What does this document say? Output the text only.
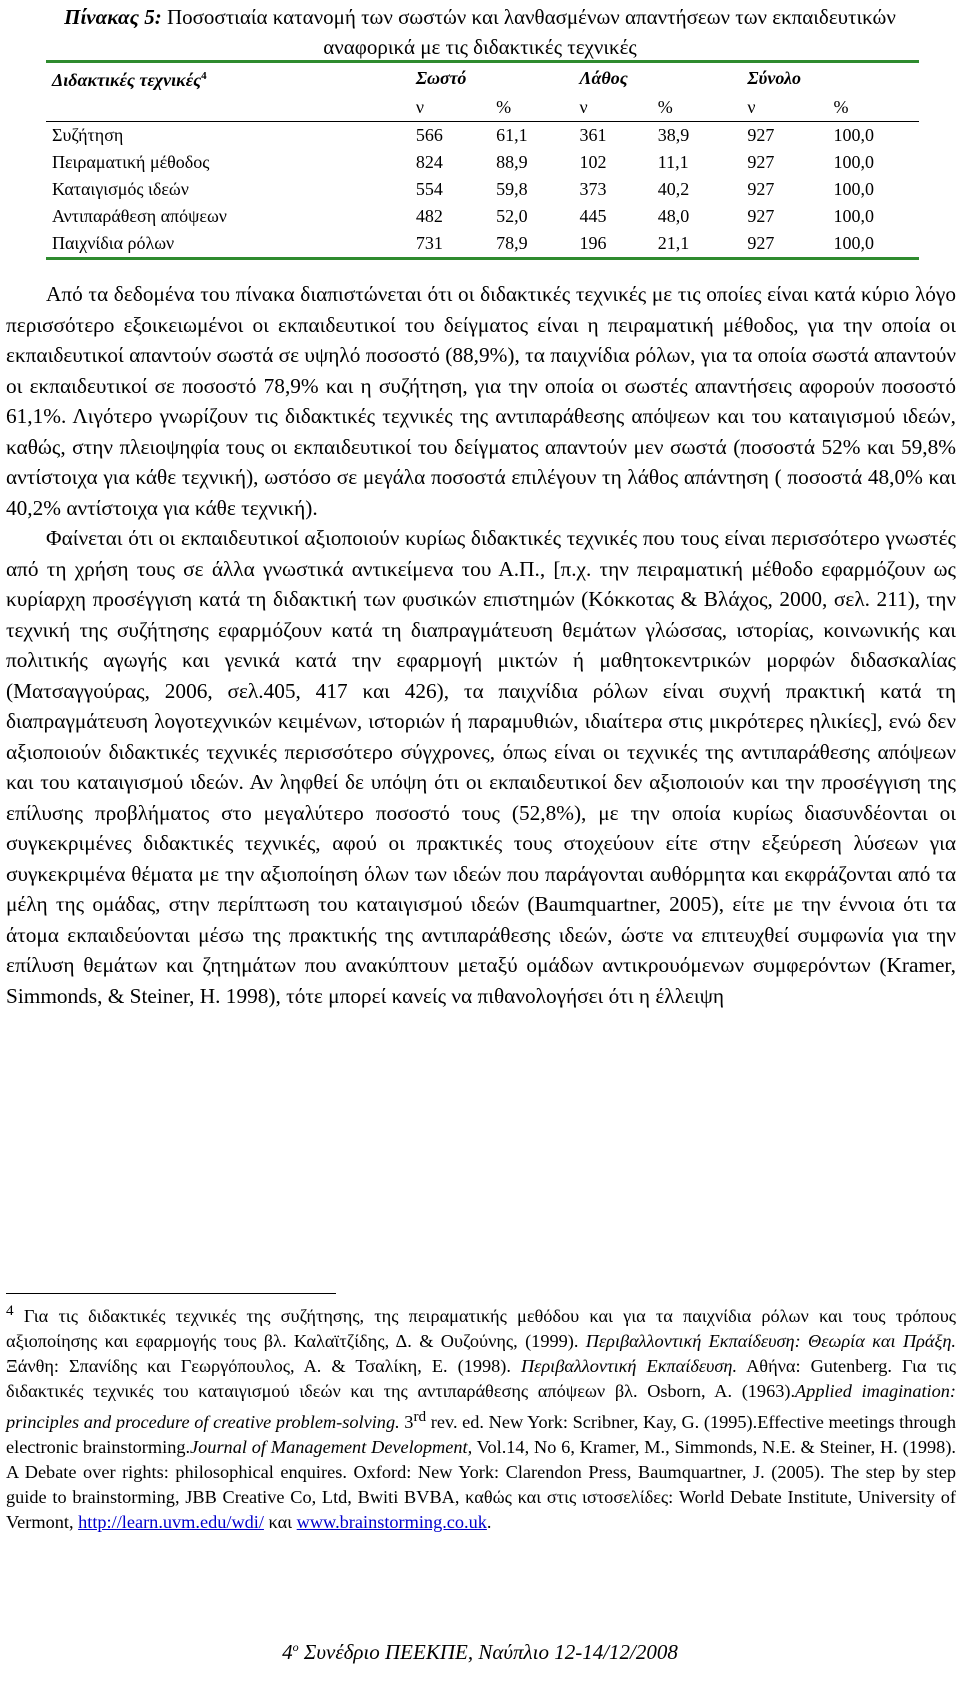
Πίνακας 5: Ποσοστιαία κατανομή των σωστών και λανθασμένων απαντήσεων των εκπαιδευτικών αναφορικά με τις διδακτικές τεχνικές
Διδακτικές τεχνικές$^4$	Σωστό		Λάθος		Σύνολο	
	ν	%	ν	%	ν	%
Συζήτηση	566	61,1	361	38,9	927	100,0
Πειραματική μέθοδος	824	88,9	102	11,1	927	100,0
Καταιγισμός ιδεών	554	59,8	373	40,2	927	100,0
Αντιπαράθεση απόψεων	482	52,0	445	48,0	927	100,0
Παιχνίδια ρόλων	731	78,9	196	21,1	927	100,0

Από τα δεδομένα του πίνακα διαπιστώνεται ότι οι διδακτικές τεχνικές με τις οποίες είναι κατά κύριο λόγο περισσότερο εξοικειωμένοι οι εκπαιδευτικοί του δείγματος είναι η πειραματική μέθοδος, για την οποία οι εκπαιδευτικοί απαντούν σωστά σε υψηλό ποσοστό (88,9%), τα παιχνίδια ρόλων, για τα οποία σωστά απαντούν οι εκπαιδευτικοί σε ποσοστό 78,9% και η συζήτηση, για την οποία οι σωστές απαντήσεις αφορούν ποσοστό 61,1%. Λιγότερο γνωρίζουν τις διδακτικές τεχνικές της αντιπαράθεσης απόψεων και του καταιγισμού ιδεών, καθώς, στην πλειοψηφία τους οι εκπαιδευτικοί του δείγματος απαντούν μεν σωστά (ποσοστά 52% και 59,8% αντίστοιχα για κάθε τεχνική), ωστόσο σε μεγάλα ποσοστά επιλέγουν τη λάθος απάντηση ( ποσοστά 48,0% και 40,2% αντίστοιχα για κάθε τεχνική).

Φαίνεται ότι οι εκπαιδευτικοί αξιοποιούν κυρίως διδακτικές τεχνικές που τους είναι περισσότερο γνωστές από τη χρήση τους σε άλλα γνωστικά αντικείμενα του Α.Π., [π.χ. την πειραματική μέθοδο εφαρμόζουν ως κυρίαρχη προσέγγιση κατά τη διδακτική των φυσικών επιστημών (Κόκκοτας & Βλάχος, 2000, σελ. 211), την τεχνική της συζήτησης εφαρμόζουν κατά τη διαπραγμάτευση θεμάτων γλώσσας, ιστορίας, κοινωνικής και πολιτικής αγωγής και γενικά κατά την εφαρμογή μικτών ή μαθητοκεντρικών μορφών διδασκαλίας (Ματσαγγούρας, 2006, σελ.405, 417 και 426), τα παιχνίδια ρόλων είναι συχνή πρακτική κατά τη διαπραγμάτευση λογοτεχνικών κειμένων, ιστοριών ή παραμυθιών, ιδιαίτερα στις μικρότερες ηλικίες], ενώ δεν αξιοποιούν διδακτικές τεχνικές περισσότερο σύγχρονες, όπως είναι οι τεχνικές της αντιπαράθεσης απόψεων και του καταιγισμού ιδεών. Αν ληφθεί δε υπόψη ότι οι εκπαιδευτικοί δεν αξιοποιούν και την προσέγγιση της επίλυσης προβλήματος στο μεγαλύτερο ποσοστό τους (52,8%), με την οποία κυρίως διασυνδέονται οι συγκεκριμένες διδακτικές τεχνικές, αφού οι πρακτικές τους στοχεύουν είτε στην εξεύρεση λύσεων για συγκεκριμένα θέματα με την αξιοποίηση όλων των ιδεών που παράγονται αυθόρμητα και εκφράζονται από τα μέλη της ομάδας, στην περίπτωση του καταιγισμού ιδεών (Baumquartner, 2005), είτε με την έννοια ότι τα άτομα εκπαιδεύονται μέσω της πρακτικής της αντιπαράθεσης ιδεών, ώστε να επιτευχθεί συμφωνία για την επίλυση θεμάτων και ζητημάτων που ανακύπτουν μεταξύ ομάδων αντικρουόμενων συμφερόντων (Kramer, Simmonds, & Steiner, H. 1998), τότε μπορεί κανείς να πιθανολογήσει ότι η έλλειψη

$^4$ Για τις διδακτικές τεχνικές της συζήτησης, της πειραματικής μεθόδου και για τα παιχνίδια ρόλων και τους τρόπους αξιοποίησης και εφαρμογής τους βλ. Καλαϊτζίδης, Δ. & Ουζούνης, (1999). Περιβαλλοντική Εκπαίδευση: Θεωρία και Πράξη. Ξάνθη: Σπανίδης και Γεωργόπουλος, Α. & Τσαλίκη, Ε. (1998). Περιβαλλοντική Εκπαίδευση. Αθήνα: Gutenberg. Για τις διδακτικές τεχνικές του καταιγισμού ιδεών και της αντιπαράθεσης απόψεων βλ. Osborn, A. (1963).Applied imagination: principles and procedure of creative problem-solving. 3rd rev. ed. New York: Scribner, Kay, G. (1995).Effective meetings through electronic brainstorming.Journal of Management Development, Vol.14, No 6, Kramer, M., Simmonds, N.E. & Steiner, H. (1998). A Debate over rights: philosophical enquires. Oxford: New York: Clarendon Press, Baumquartner, J. (2005). The step by step guide to brainstorming, JBB Creative Co, Ltd, Bwiti BVBA, καθώς και στις ιστοσελίδες: World Debate Institute, University of Vermont, http://learn.uvm.edu/wdi/ και www.brainstorming.co.uk.
$4^o$ Συνέδριο ΠΕΕΚΠΕ, Ναύπλιο 12-14/12/2008
